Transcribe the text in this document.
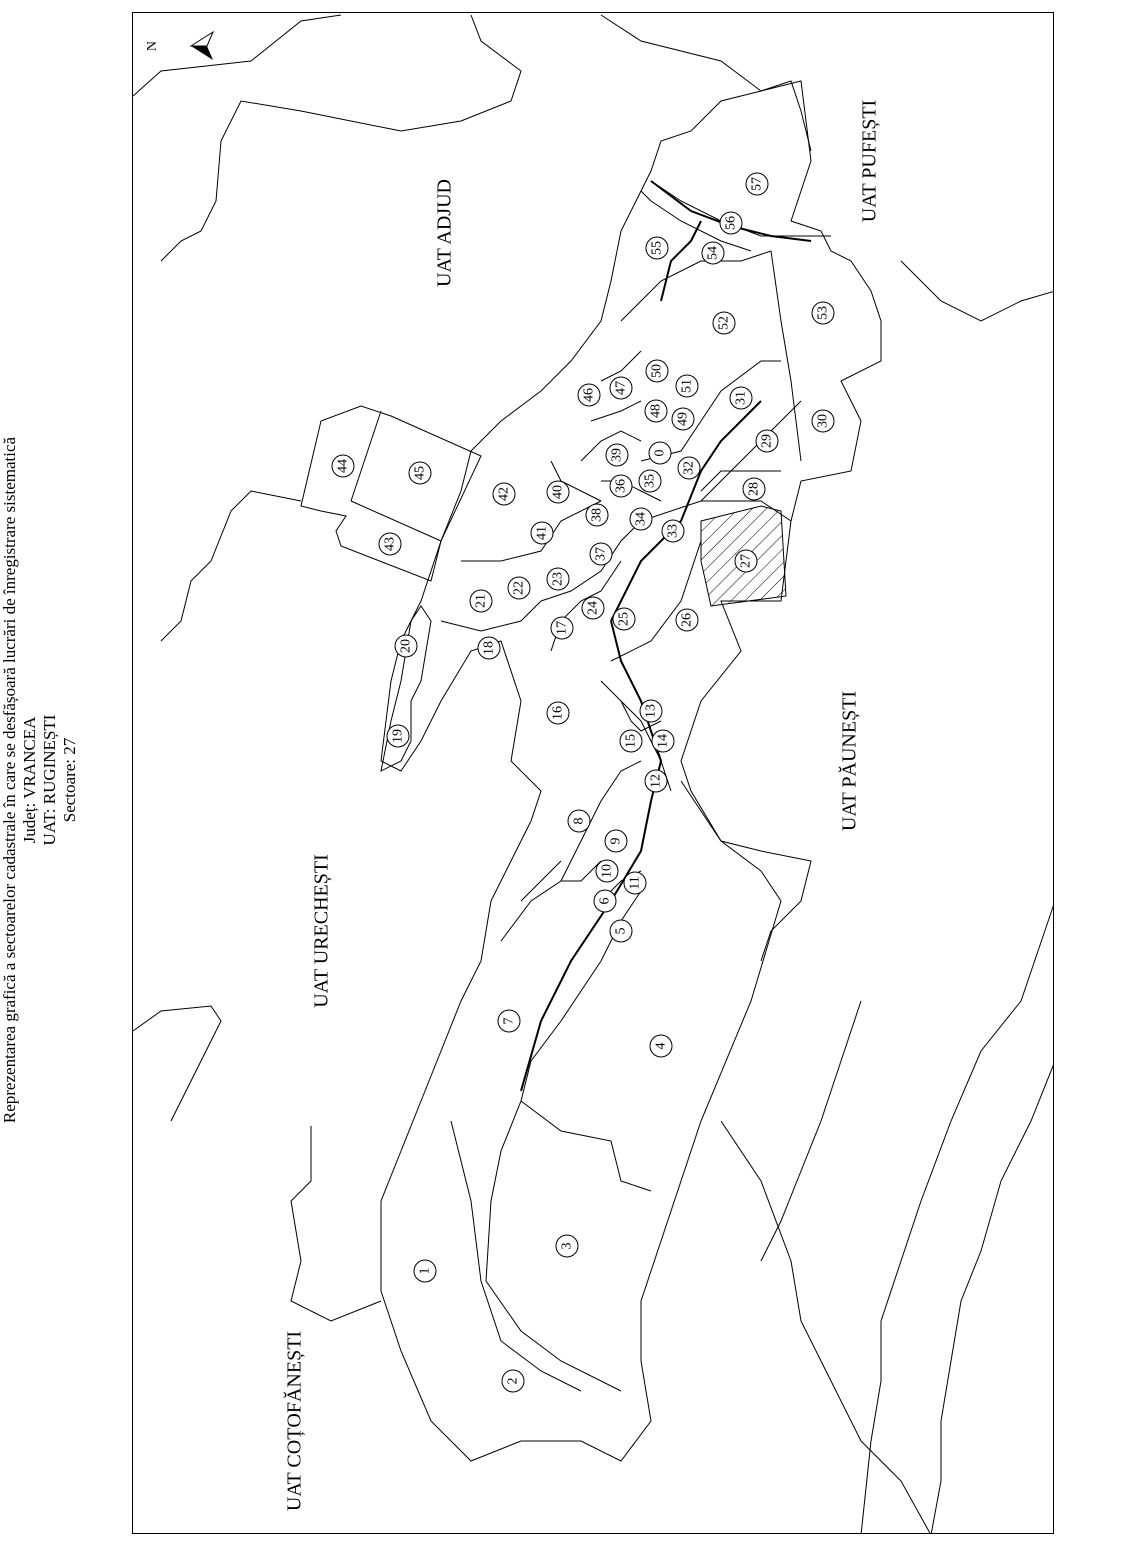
Reprezentarea grafică a sectoarelor cadastrale în care se desfășoară lucrări de înregistrare sistematică Județ: VRANCEA UAT: RUGINEȘTI Sectoare: 27
N
UAT ADJUD
UAT PUFEȘTI
UAT URECHEȘTI
UAT PĂUNEȘTI
UAT COȚOFĂNEȘTI
1
2
3
4
5
6
7
8
9
10
11
12
13
14
15
16
17
18
19
20
21
22
23
24
25	26
27
28
29
30
31
32
33
34
35
36
37
38
39
40
41
42
43
44	45
46 47
48
49
50
51
52
53
54
55
56
57
0
